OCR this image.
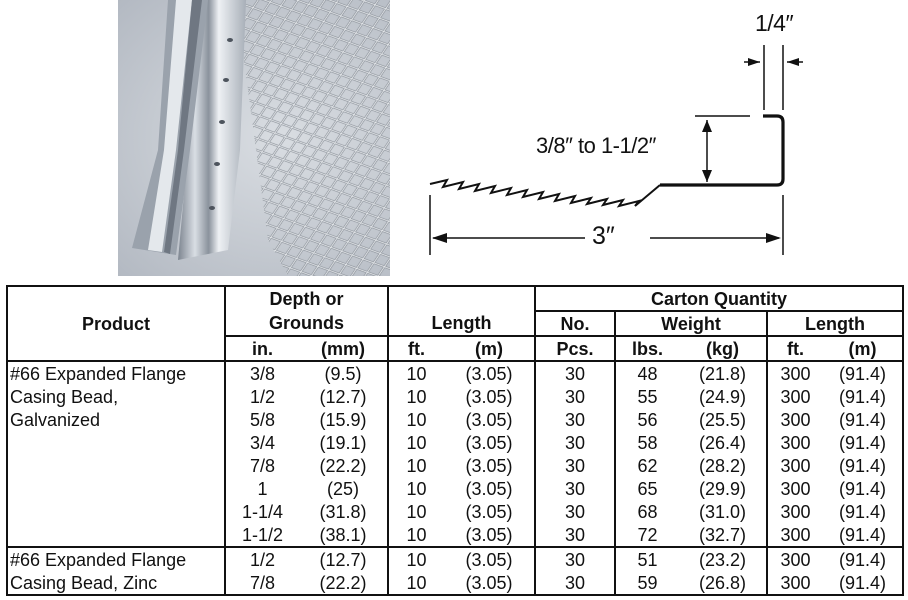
1/4″
3/8″ to 1-1/2″
3″
Product	Depth or				Carton Quantity				
	Grounds		Length		No.	Weight		Length	
	in.	(mm)	ft.	(m)	Pcs.	lbs.	(kg)	ft.	(m)
#66 Expanded Flange	3/8	(9.5)	10	(3.05)	30	48	(21.8)	300	(91.4)
Casing Bead,	1/2	(12.7)	10	(3.05)	30	55	(24.9)	300	(91.4)
Galvanized	5/8	(15.9)	10	(3.05)	30	56	(25.5)	300	(91.4)
	3/4	(19.1)	10	(3.05)	30	58	(26.4)	300	(91.4)
	7/8	(22.2)	10	(3.05)	30	62	(28.2)	300	(91.4)
	1	(25)	10	(3.05)	30	65	(29.9)	300	(91.4)
	1-1/4	(31.8)	10	(3.05)	30	68	(31.0)	300	(91.4)
	1-1/2	(38.1)	10	(3.05)	30	72	(32.7)	300	(91.4)
#66 Expanded Flange	1/2	(12.7)	10	(3.05)	30	51	(23.2)	300	(91.4)
Casing Bead, Zinc	7/8	(22.2)	10	(3.05)	30	59	(26.8)	300	(91.4)
